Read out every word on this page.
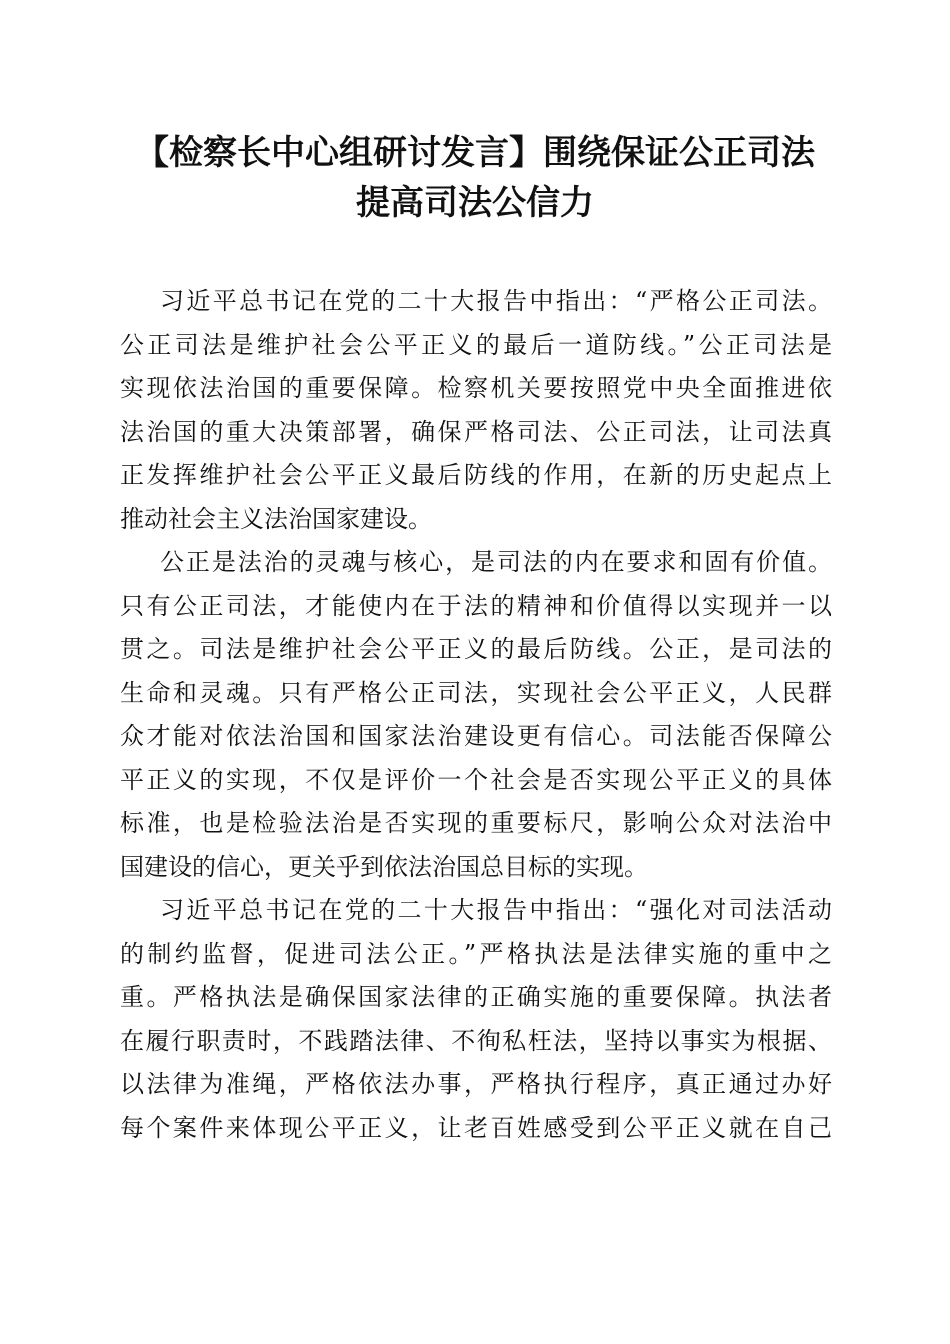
【检察长中心组研讨发言】围绕保证公正司法
提高司法公信力
习近平总书记在党的二十大报告中指出：“严格公正司法。
公正司法是维护社会公平正义的最后一道防线。”公正司法是
实现依法治国的重要保障。检察机关要按照党中央全面推进依
法治国的重大决策部署，确保严格司法、公正司法，让司法真
正发挥维护社会公平正义最后防线的作用，在新的历史起点上
推动社会主义法治国家建设。
公正是法治的灵魂与核心，是司法的内在要求和固有价值。
只有公正司法，才能使内在于法的精神和价值得以实现并一以
贯之。司法是维护社会公平正义的最后防线。公正，是司法的
生命和灵魂。只有严格公正司法，实现社会公平正义，人民群
众才能对依法治国和国家法治建设更有信心。司法能否保障公
平正义的实现，不仅是评价一个社会是否实现公平正义的具体
标准，也是检验法治是否实现的重要标尺，影响公众对法治中
国建设的信心，更关乎到依法治国总目标的实现。
习近平总书记在党的二十大报告中指出：“强化对司法活动
的制约监督，促进司法公正。”严格执法是法律实施的重中之
重。严格执法是确保国家法律的正确实施的重要保障。执法者
在履行职责时，不践踏法律、不徇私枉法，坚持以事实为根据、
以法律为准绳，严格依法办事，严格执行程序，真正通过办好
每个案件来体现公平正义，让老百姓感受到公平正义就在自己
